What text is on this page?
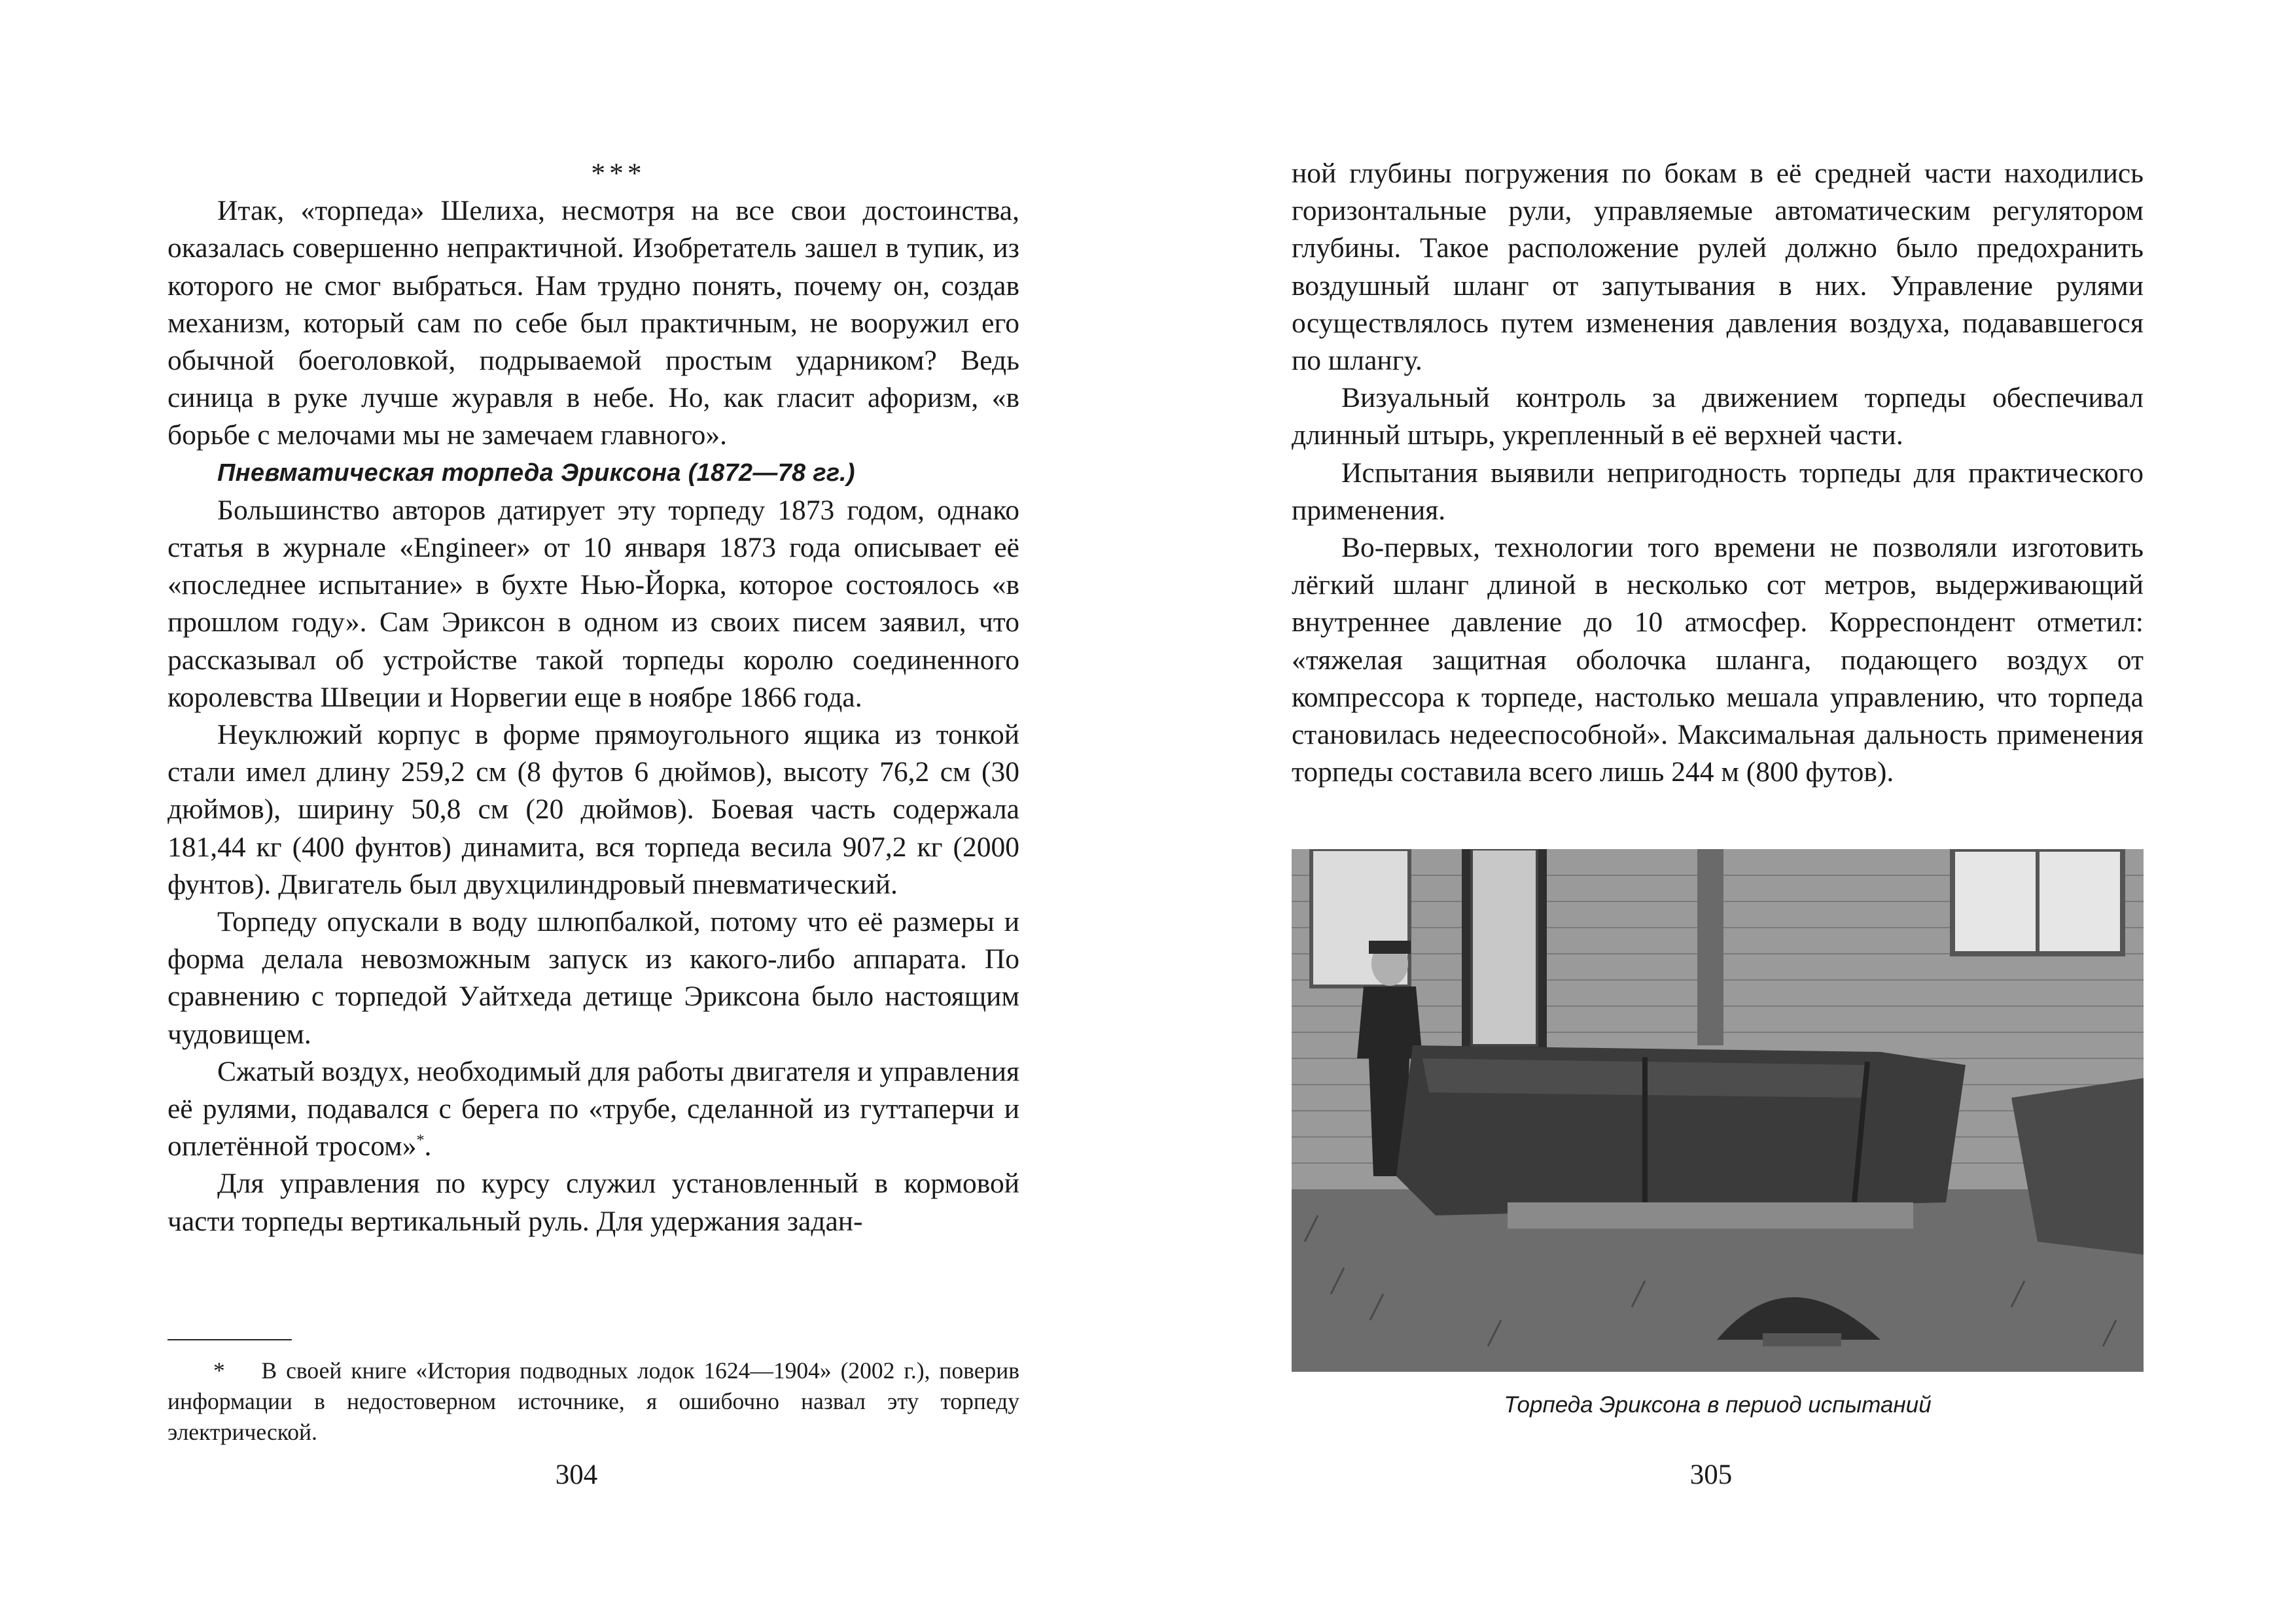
***

Итак, «торпеда» Шелиха, несмотря на все свои достоинства, оказалась совершенно непрактичной. Изобретатель зашел в тупик, из которого не смог выбраться. Нам трудно понять, почему он, создав механизм, который сам по себе был практичным, не вооружил его обычной боеголовкой, подрываемой простым ударником? Ведь синица в руке лучше журавля в небе. Но, как гласит афоризм, «в борьбе с мелочами мы не замечаем главного».

Пневматическая торпеда Эриксона (1872—78 гг.)

Большинство авторов датирует эту торпеду 1873 годом, однако статья в журнале «Engineer» от 10 января 1873 года описывает её «последнее испытание» в бухте Нью-Йорка, которое состоялось «в прошлом году». Сам Эриксон в одном из своих писем заявил, что рассказывал об устройстве такой торпеды королю соединенного королевства Швеции и Норвегии еще в ноябре 1866 года.

Неуклюжий корпус в форме прямоугольного ящика из тонкой стали имел длину 259,2 см (8 футов 6 дюймов), высоту 76,2 см (30 дюймов), ширину 50,8 см (20 дюймов). Боевая часть содержала 181,44 кг (400 фунтов) динамита, вся торпеда весила 907,2 кг (2000 фунтов). Двигатель был двухцилиндровый пневматический.

Торпеду опускали в воду шлюпбалкой, потому что её размеры и форма делала невозможным запуск из какого-либо аппарата. По сравнению с торпедой Уайтхеда детище Эриксона было настоящим чудовищем.

Сжатый воздух, необходимый для работы двигателя и управления её рулями, подавался с берега по «трубе, сделанной из гуттаперчи и оплетённой тросом»*.

Для управления по курсу служил установленный в кормовой части торпеды вертикальный руль. Для удержания задан-

* В своей книге «История подводных лодок 1624—1904» (2002 г.), поверив информации в недостоверном источнике, я ошибочно назвал эту торпеду электрической.

304

ной глубины погружения по бокам в её средней части находились горизонтальные рули, управляемые автоматическим регулятором глубины. Такое расположение рулей должно было предохранить воздушный шланг от запутывания в них. Управление рулями осуществлялось путем изменения давления воздуха, подававшегося по шлангу.

Визуальный контроль за движением торпеды обеспечивал длинный штырь, укрепленный в её верхней части.

Испытания выявили непригодность торпеды для практического применения.

Во-первых, технологии того времени не позволяли изготовить лёгкий шланг длиной в несколько сот метров, выдерживающий внутреннее давление до 10 атмосфер. Корреспондент отметил: «тяжелая защитная оболочка шланга, подающего воздух от компрессора к торпеде, настолько мешала управлению, что торпеда становилась недееспособной». Максимальная дальность применения торпеды составила всего лишь 244 м (800 футов).

Торпеда Эриксона в период испытаний
305
